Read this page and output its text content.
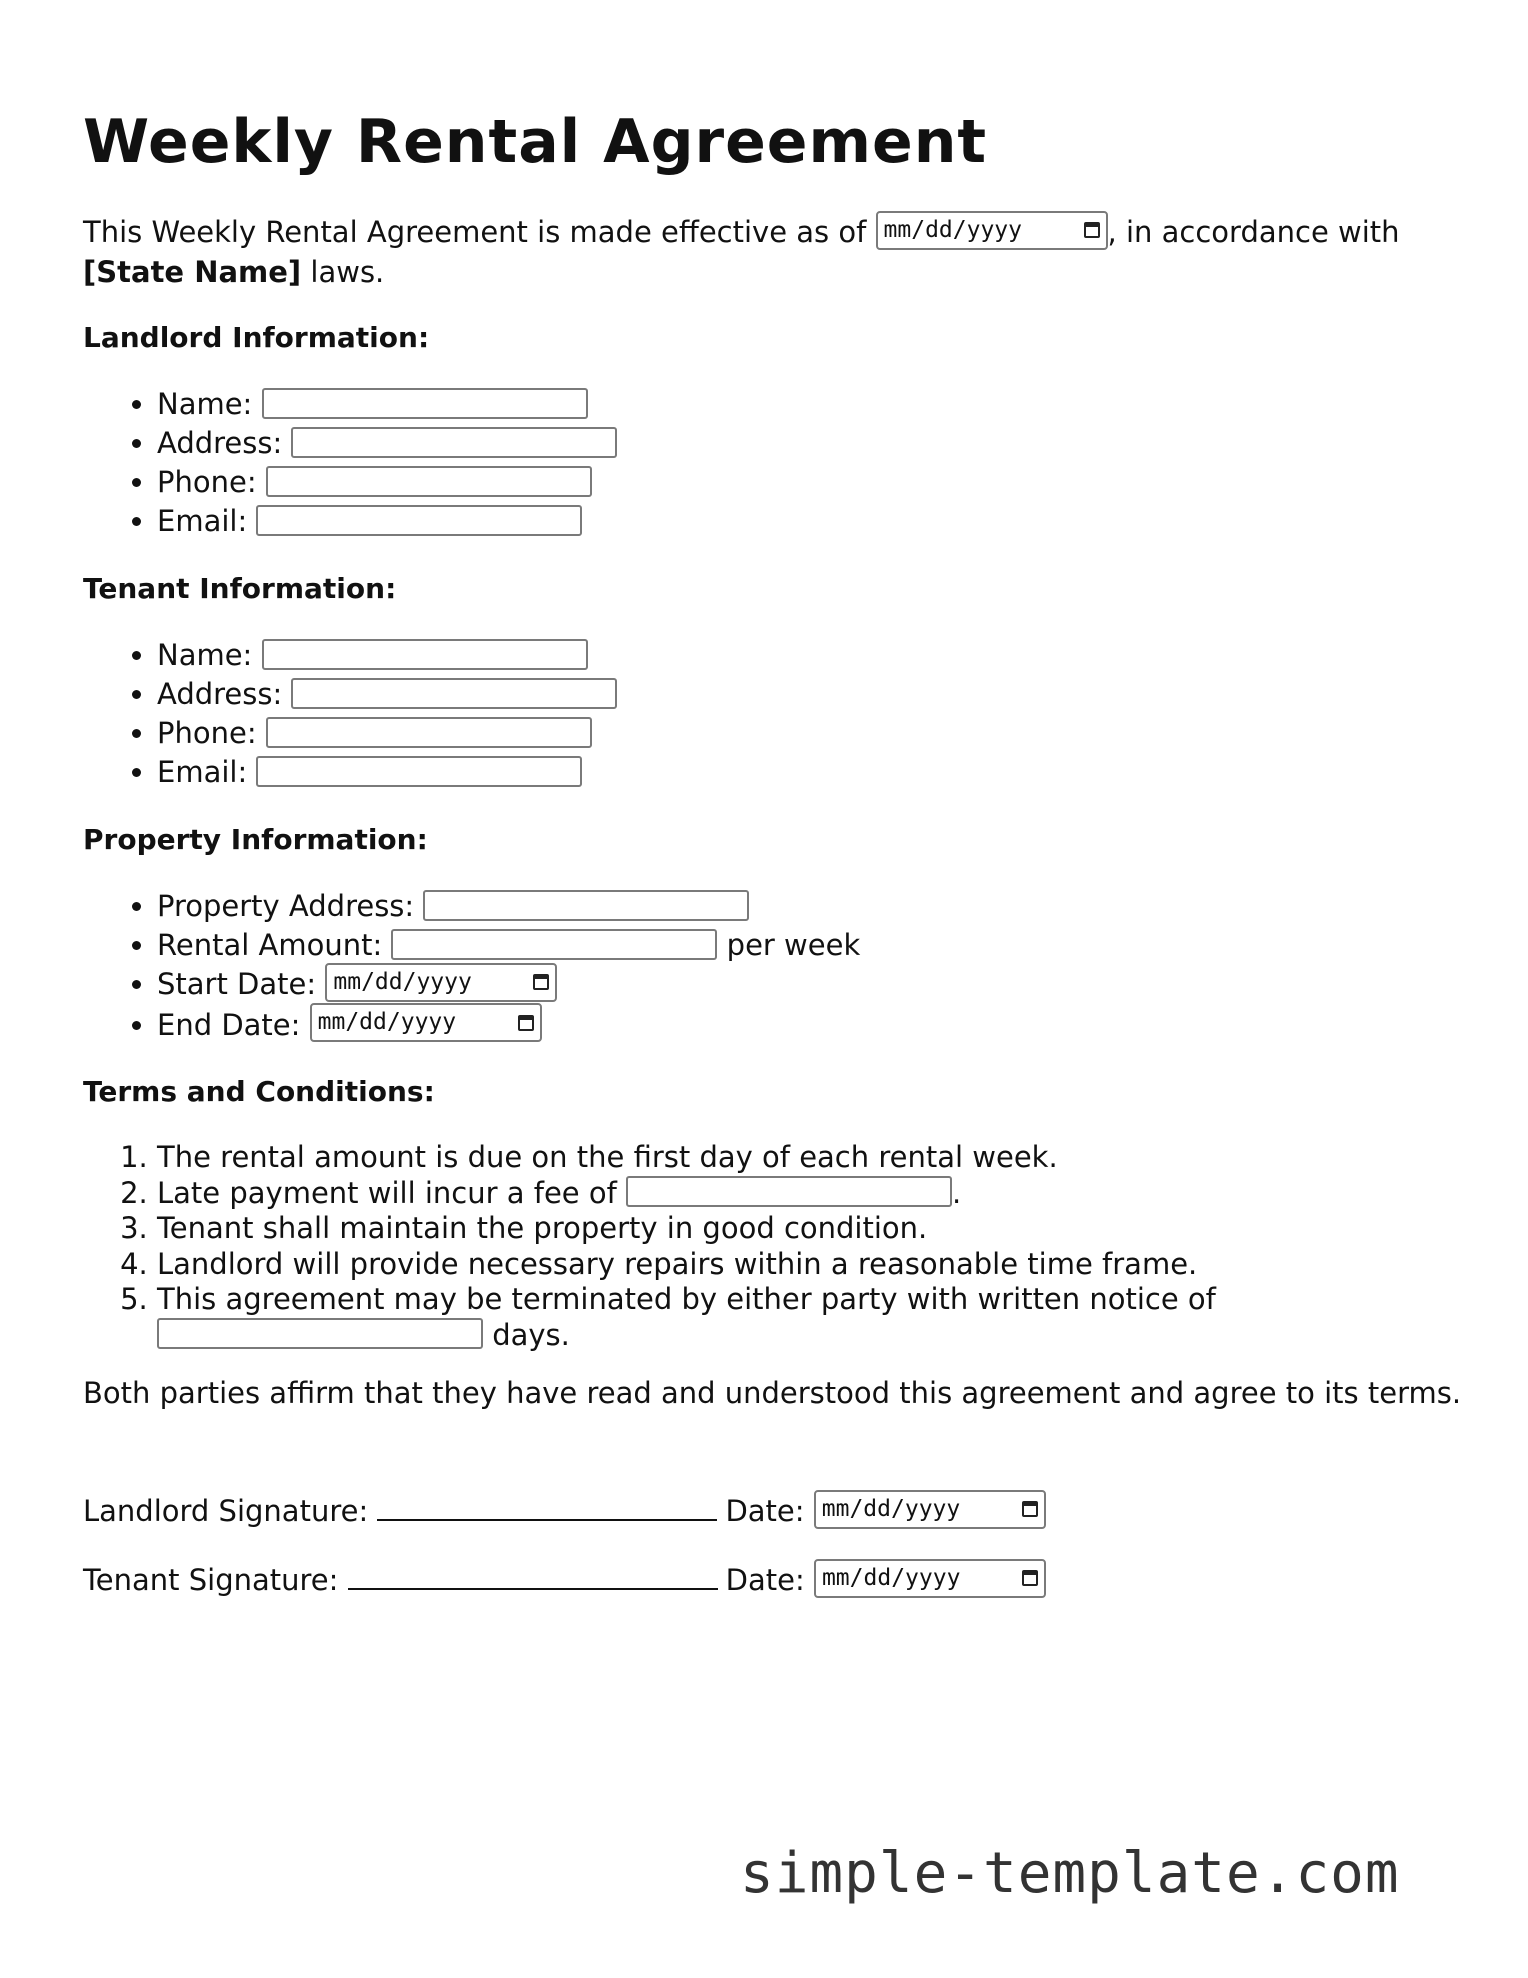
Weekly Rental Agreement

This Weekly Rental Agreement is made effective as of mm/dd/yyyy	, in accordance with
[State Name] laws.

Landlord Information:
• Name:
• Address:
• Phone:
• Email:
Tenant Information:
• Name:
• Address:
• Phone:
• Email:
Property Information:
• Property Address:
• Rental Amount:	per week
• Start Date: mm/dd/yyyy
• End Date: mm/dd/yyyy
Terms and Conditions:
1. The rental amount is due on the first day of each rental week.
2. Late payment will incur a fee of	.
3. Tenant shall maintain the property in good condition.
4. Landlord will provide necessary repairs within a reasonable time frame.
5. This agreement may be terminated by either party with written notice of
days.

Both parties affirm that they have read and understood this agreement and agree to its terms.

Landlord Signature:	Date: mm/dd/yyyy

Tenant Signature:	Date: mm/dd/yyyy

simple-template.com
